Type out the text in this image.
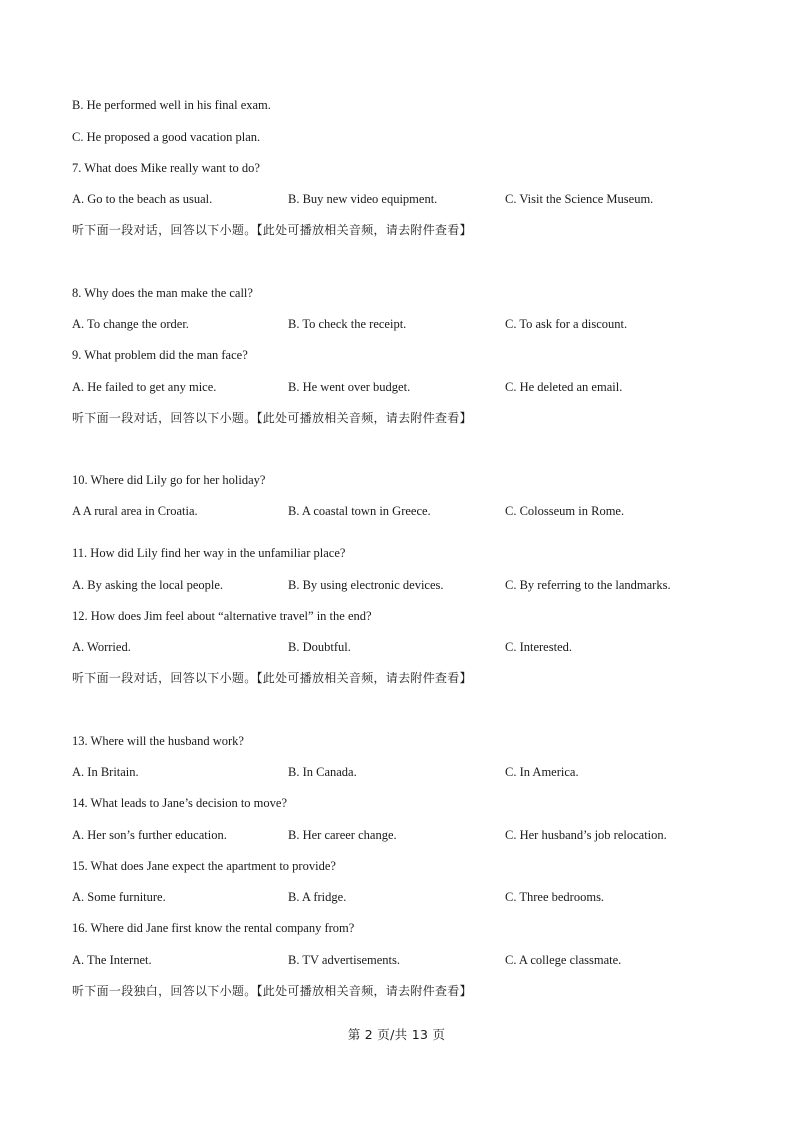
B. He performed well in his final exam.
C. He proposed a good vacation plan.
7. What does Mike really want to do?
A. Go to the beach as usual.	B. Buy new video equipment.	C. Visit the Science Museum.
听下面一段对话，回答以下小题。【此处可播放相关音频，请去附件查看】
8. Why does the man make the call?
A. To change the order.	B. To check the receipt.	C. To ask for a discount.
9. What problem did the man face?
A. He failed to get any mice.	B. He went over budget.	C. He deleted an email.
听下面一段对话，回答以下小题。【此处可播放相关音频，请去附件查看】
10. Where did Lily go for her holiday?
A A rural area in Croatia.	B. A coastal town in Greece.	C. Colosseum in Rome.
11. How did Lily find her way in the unfamiliar place?
A. By asking the local people.	B. By using electronic devices.	C. By referring to the landmarks.
12. How does Jim feel about “alternative travel” in the end?
A. Worried.	B. Doubtful.	C. Interested.
听下面一段对话，回答以下小题。【此处可播放相关音频，请去附件查看】
13. Where will the husband work?
A. In Britain.	B. In Canada.	C. In America.
14. What leads to Jane’s decision to move?
A. Her son’s further education.	B. Her career change.	C. Her husband’s job relocation.
15. What does Jane expect the apartment to provide?
A. Some furniture.	B. A fridge.	C. Three bedrooms.
16. Where did Jane first know the rental company from?
A. The Internet.	B. TV advertisements.	C. A college classmate.
听下面一段独白，回答以下小题。【此处可播放相关音频，请去附件查看】
第 2 页/共 13 页
